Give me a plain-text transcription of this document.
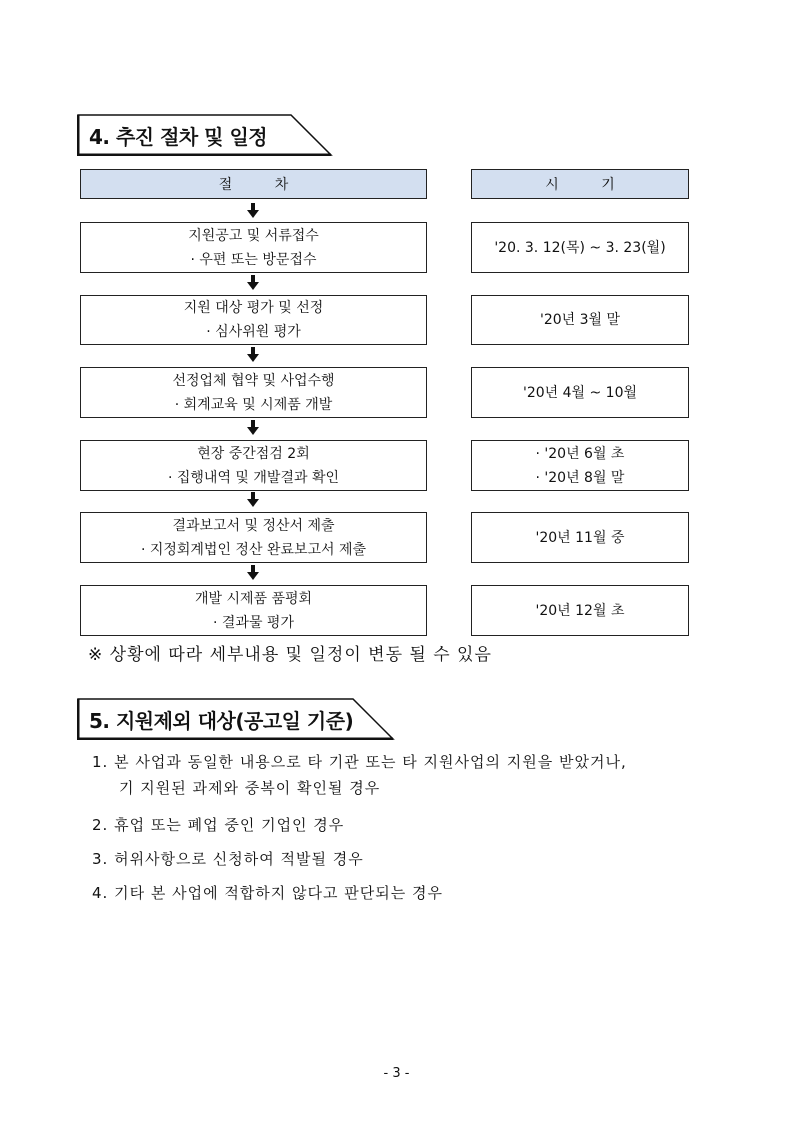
4. 추진 절차 및 일정
절 차	시 기
지원공고 및 서류접수
· 우편 또는 방문접수
'20. 3. 12(목) ~ 3. 23(월)
지원 대상 평가 및 선정
· 심사위원 평가
'20년 3월 말
선정업체 협약 및 사업수행
· 회계교육 및 시제품 개발
'20년 4월 ~ 10월
현장 중간점검 2회
· 집행내역 및 개발결과 확인
· '20년 6월 초
· '20년 8월 말
결과보고서 및 정산서 제출
· 지정회계법인 정산 완료보고서 제출
'20년 11월 중
개발 시제품 품평회
· 결과물 평가
'20년 12월 초
※ 상황에 따라 세부내용 및 일정이 변동 될 수 있음
5. 지원제외 대상(공고일 기준)
1. 본 사업과 동일한 내용으로 타 기관 또는 타 지원사업의 지원을 받았거나,
기 지원된 과제와 중복이 확인될 경우
2. 휴업 또는 폐업 중인 기업인 경우
3. 허위사항으로 신청하여 적발될 경우
4. 기타 본 사업에 적합하지 않다고 판단되는 경우
- 3 -
